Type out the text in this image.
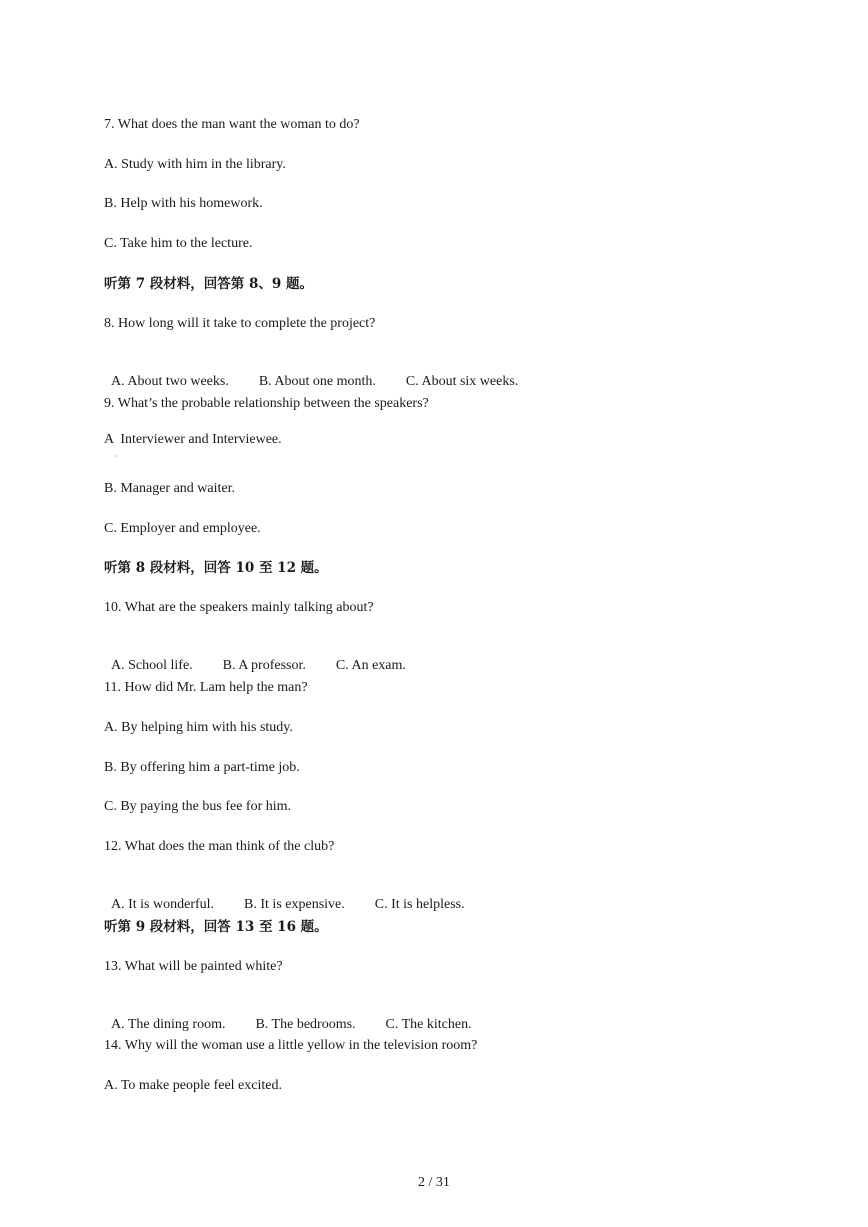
7. What does the man want the woman to do?

A. Study with him in the library.

B. Help with his homework.

C. Take him to the lecture.

听第 7 段材料，回答第 8、9 题。

8. How long will it take to complete the project?

A. About two weeks. B. About one month. C. About six weeks.

9. What’s the probable relationship between the speakers?

A  Interviewer and Interviewee.

·

B. Manager and waiter.

C. Employer and employee.

听第 8 段材料，回答 10 至 12 题。

10. What are the speakers mainly talking about?

A. School life. B. A professor. C. An exam.

11. How did Mr. Lam help the man?

A. By helping him with his study.

B. By offering him a part-time job.

C. By paying the bus fee for him.

12. What does the man think of the club?

A. It is wonderful. B. It is expensive. C. It is helpless.

听第 9 段材料，回答 13 至 16 题。

13. What will be painted white?

A. The dining room. B. The bedrooms. C. The kitchen.

14. Why will the woman use a little yellow in the television room?

A. To make people feel excited.

2 / 31
